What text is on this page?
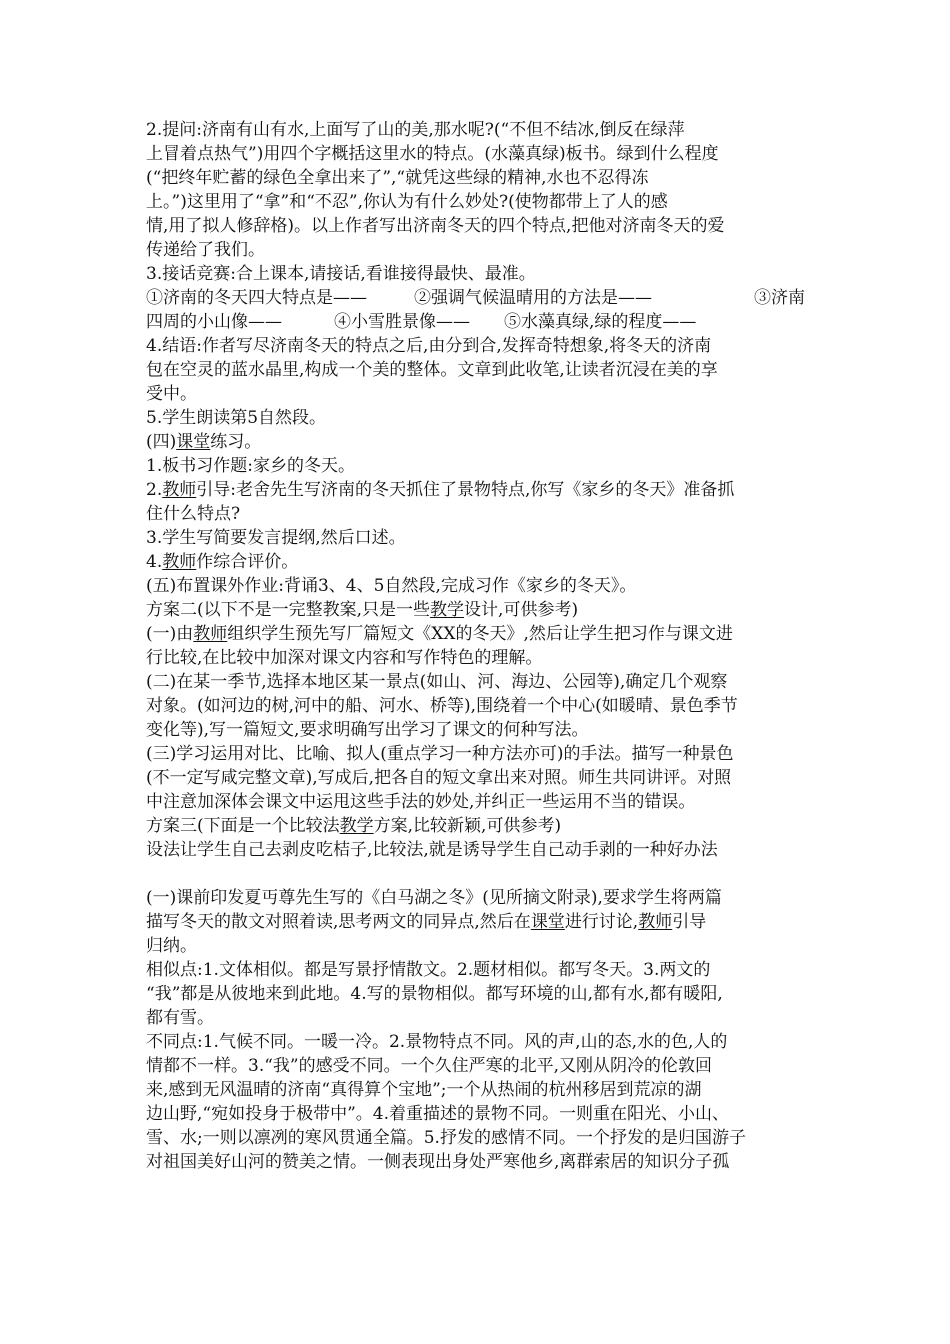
2.提问:济南有山有水,上面写了山的美,那水呢?(“不但不结冰,倒反在绿萍
上冒着点热气”)用四个字概括这里水的特点。(水藻真绿)板书。绿到什么程度
(“把终年贮蓄的绿色全拿出来了”,“就凭这些绿的精神,水也不忍得冻
上。”)这里用了“拿”和“不忍”,你认为有什么妙处?(使物都带上了人的感
情,用了拟人修辞格)。以上作者写出济南冬天的四个特点,把他对济南冬天的爱
传递给了我们。
3.接话竞赛:合上课本,请接话,看谁接得最快、最准。
①济南的冬天四大特点是——	②强调气候温晴用的方法是——	③济南
四周的小山像——	④小雪胜景像—— ⑤水藻真绿,绿的程度——
4.结语:作者写尽济南冬天的特点之后,由分到合,发挥奇特想象,将冬天的济南
包在空灵的蓝水晶里,构成一个美的整体。文章到此收笔,让读者沉浸在美的享
受中。
5.学生朗读第5自然段。
(四)课堂练习。
1.板书习作题:家乡的冬天。
2.教师引导:老舍先生写济南的冬天抓住了景物特点,你写《家乡的冬天》准备抓
住什么特点?
3.学生写简要发言提纲,然后口述。
4.教师作综合评价。
(五)布置课外作业:背诵3、4、5自然段,完成习作《家乡的冬天》。
方案二(以下不是一完整教案,只是一些教学设计,可供参考)
(一)由教师组织学生预先写厂篇短文《XX的冬天》,然后让学生把习作与课文进
行比较,在比较中加深对课文内容和写作特色的理解。
(二)在某一季节,选择本地区某一景点(如山、河、海边、公园等),确定几个观察
对象。(如河边的树,河中的船、河水、桥等),围绕着一个中心(如暖晴、景色季节
变化等),写一篇短文,要求明确写出学习了课文的何种写法。
(三)学习运用对比、比喻、拟人(重点学习一种方法亦可)的手法。描写一种景色
(不一定写咸完整文章),写成后,把各自的短文拿出来对照。师生共同讲评。对照
中注意加深体会课文中运甩这些手法的妙处,并纠正一些运用不当的错误。
方案三(下面是一个比较法教学方案,比较新颖,可供参考)
设法让学生自己去剥皮吃桔子,比较法,就是诱导学生自己动手剥的一种好办法
(一)课前印发夏丏尊先生写的《白马湖之冬》(见所摘文附录),要求学生将两篇
描写冬天的散文对照着读,思考两文的同异点,然后在课堂进行讨论,教师引导
归纳。
相似点:1.文体相似。都是写景抒情散文。2.题材相似。都写冬天。3.两文的
“我”都是从彼地来到此地。4.写的景物相似。都写环境的山,都有水,都有暖阳,
都有雪。
不同点:1.气候不同。一暖一冷。2.景物特点不同。风的声,山的态,水的色,人的
情都不一样。3.“我”的感受不同。一个久住严寒的北平,又刚从阴冷的伦敦回
来,感到无风温晴的济南“真得算个宝地”;一个从热闹的杭州移居到荒凉的湖
边山野,“宛如投身于极带中”。4.着重描述的景物不同。一则重在阳光、小山、
雪、水;一则以凛冽的寒风贯通全篇。5.抒发的感情不同。一个抒发的是归国游子
对祖国美好山河的赞美之情。一侧表现出身处严寒他乡,离群索居的知识分子孤
